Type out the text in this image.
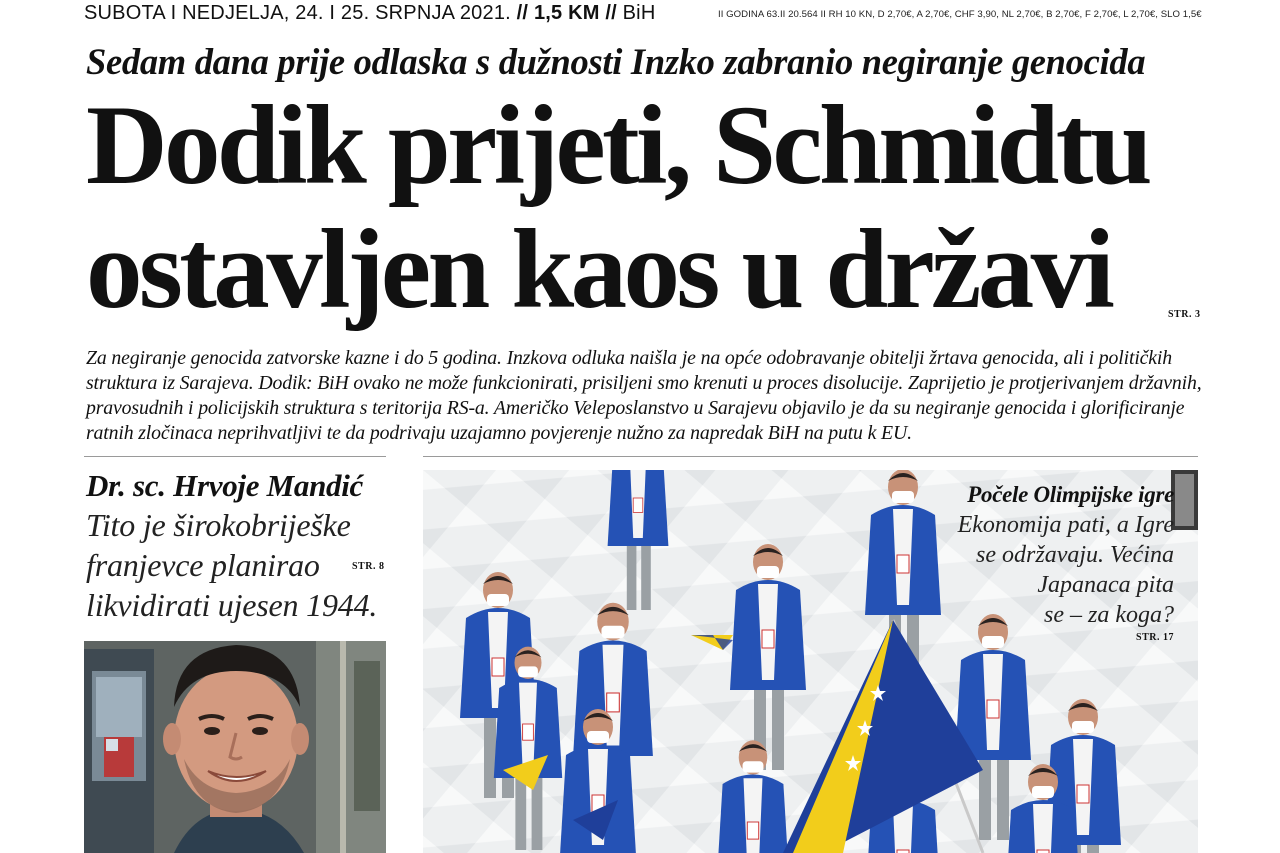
SUBOTA I NEDJELJA, 24. I 25. SRPNJA 2021. // 1,5 KM // BiH	II GODINA 63.II 20.564 II RH 10 KN, D 2,70€, A 2,70€, CHF 3,90, NL 2,70€, B 2,70€, F 2,70€, L 2,70€, SLO 1,5€
Sedam dana prije odlaska s dužnosti Inzko zabranio negiranje genocida
Dodik prijeti, Schmidtu
ostavljen kaos u državi	STR. 3
Za negiranje genocida zatvorske kazne i do 5 godina. Inzkova odluka naišla je na opće odobravanje obitelji žrtava genocida, ali i političkih struktura iz Sarajeva. Dodik: BiH ovako ne može funkcionirati, prisiljeni smo krenuti u proces disolucije. Zaprijetio je protjerivanjem državnih, pravosudnih i policijskih struktura s teritorija RS-a. Američko Veleposlanstvo u Sarajevu objavilo je da su negiranje genocida i glorificiranje ratnih zločinaca neprihvatljivi te da podrivaju uzajamno povjerenje nužno za napredak BiH na putu k EU.
Dr. sc. Hrvoje Mandić
Tito je širokobriješke franjevce planirao likvidirati ujesen 1944.
STR. 8
Počele Olimpijske igre
Ekonomija pati, a Igre
se održavaju. Većina
Japanaca pita
se – za koga?
STR. 17
